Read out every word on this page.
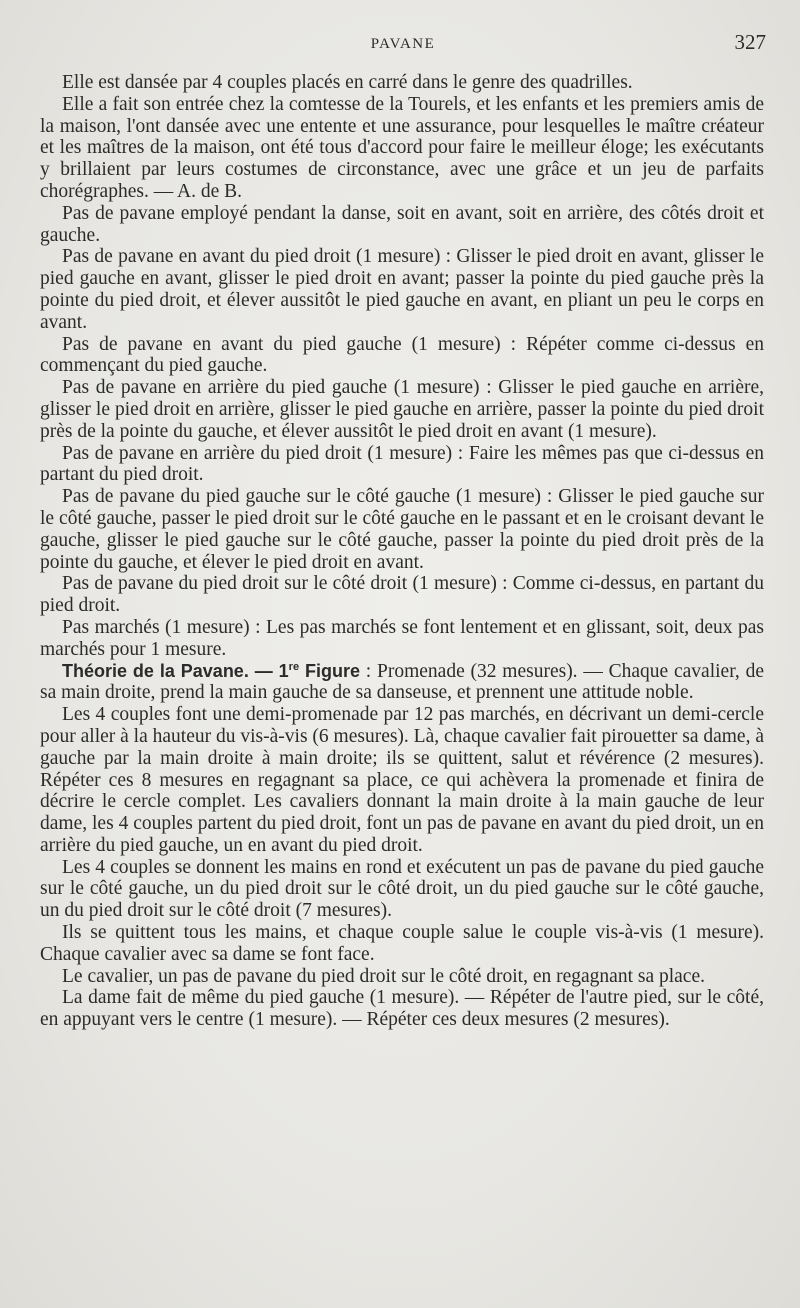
PAVANE	327

Elle est dansée par 4 couples placés en carré dans le genre des quadrilles.

Elle a fait son entrée chez la comtesse de la Tourels, et les enfants et les premiers amis de la maison, l'ont dansée avec une entente et une assurance, pour lesquelles le maître créateur et les maîtres de la maison, ont été tous d'accord pour faire le meilleur éloge; les exécutants y brillaient par leurs costumes de circonstance, avec une grâce et un jeu de parfaits chorégraphes. — A. de B.

Pas de pavane employé pendant la danse, soit en avant, soit en arrière, des côtés droit et gauche.

Pas de pavane en avant du pied droit (1 mesure) : Glisser le pied droit en avant, glisser le pied gauche en avant, glisser le pied droit en avant; passer la pointe du pied gauche près la pointe du pied droit, et élever aussitôt le pied gauche en avant, en pliant un peu le corps en avant.

Pas de pavane en avant du pied gauche (1 mesure) : Répéter comme ci-dessus en commençant du pied gauche.

Pas de pavane en arrière du pied gauche (1 mesure) : Glisser le pied gauche en arrière, glisser le pied droit en arrière, glisser le pied gauche en arrière, passer la pointe du pied droit près de la pointe du gauche, et élever aussitôt le pied droit en avant (1 mesure).

Pas de pavane en arrière du pied droit (1 mesure) : Faire les mêmes pas que ci-dessus en partant du pied droit.

Pas de pavane du pied gauche sur le côté gauche (1 mesure) : Glisser le pied gauche sur le côté gauche, passer le pied droit sur le côté gauche en le passant et en le croisant devant le gauche, glisser le pied gauche sur le côté gauche, passer la pointe du pied droit près de la pointe du gauche, et élever le pied droit en avant.

Pas de pavane du pied droit sur le côté droit (1 mesure) : Comme ci-dessus, en partant du pied droit.

Pas marchés (1 mesure) : Les pas marchés se font lentement et en glissant, soit, deux pas marchés pour 1 mesure.

Théorie de la Pavane. — 1re Figure : Promenade (32 mesures). — Chaque cavalier, de sa main droite, prend la main gauche de sa danseuse, et prennent une attitude noble.

Les 4 couples font une demi-promenade par 12 pas marchés, en décrivant un demi-cercle pour aller à la hauteur du vis-à-vis (6 mesures). Là, chaque cavalier fait pirouetter sa dame, à gauche par la main droite à main droite; ils se quittent, salut et révérence (2 mesures). Répéter ces 8 mesures en regagnant sa place, ce qui achèvera la promenade et finira de décrire le cercle complet. Les cavaliers donnant la main droite à la main gauche de leur dame, les 4 couples partent du pied droit, font un pas de pavane en avant du pied droit, un en arrière du pied gauche, un en avant du pied droit.

Les 4 couples se donnent les mains en rond et exécutent un pas de pavane du pied gauche sur le côté gauche, un du pied droit sur le côté droit, un du pied gauche sur le côté gauche, un du pied droit sur le côté droit (7 mesures).

Ils se quittent tous les mains, et chaque couple salue le couple vis-à-vis (1 mesure). Chaque cavalier avec sa dame se font face.

Le cavalier, un pas de pavane du pied droit sur le côté droit, en regagnant sa place.

La dame fait de même du pied gauche (1 mesure). — Répéter de l'autre pied, sur le côté, en appuyant vers le centre (1 mesure). — Répéter ces deux mesures (2 mesures).
